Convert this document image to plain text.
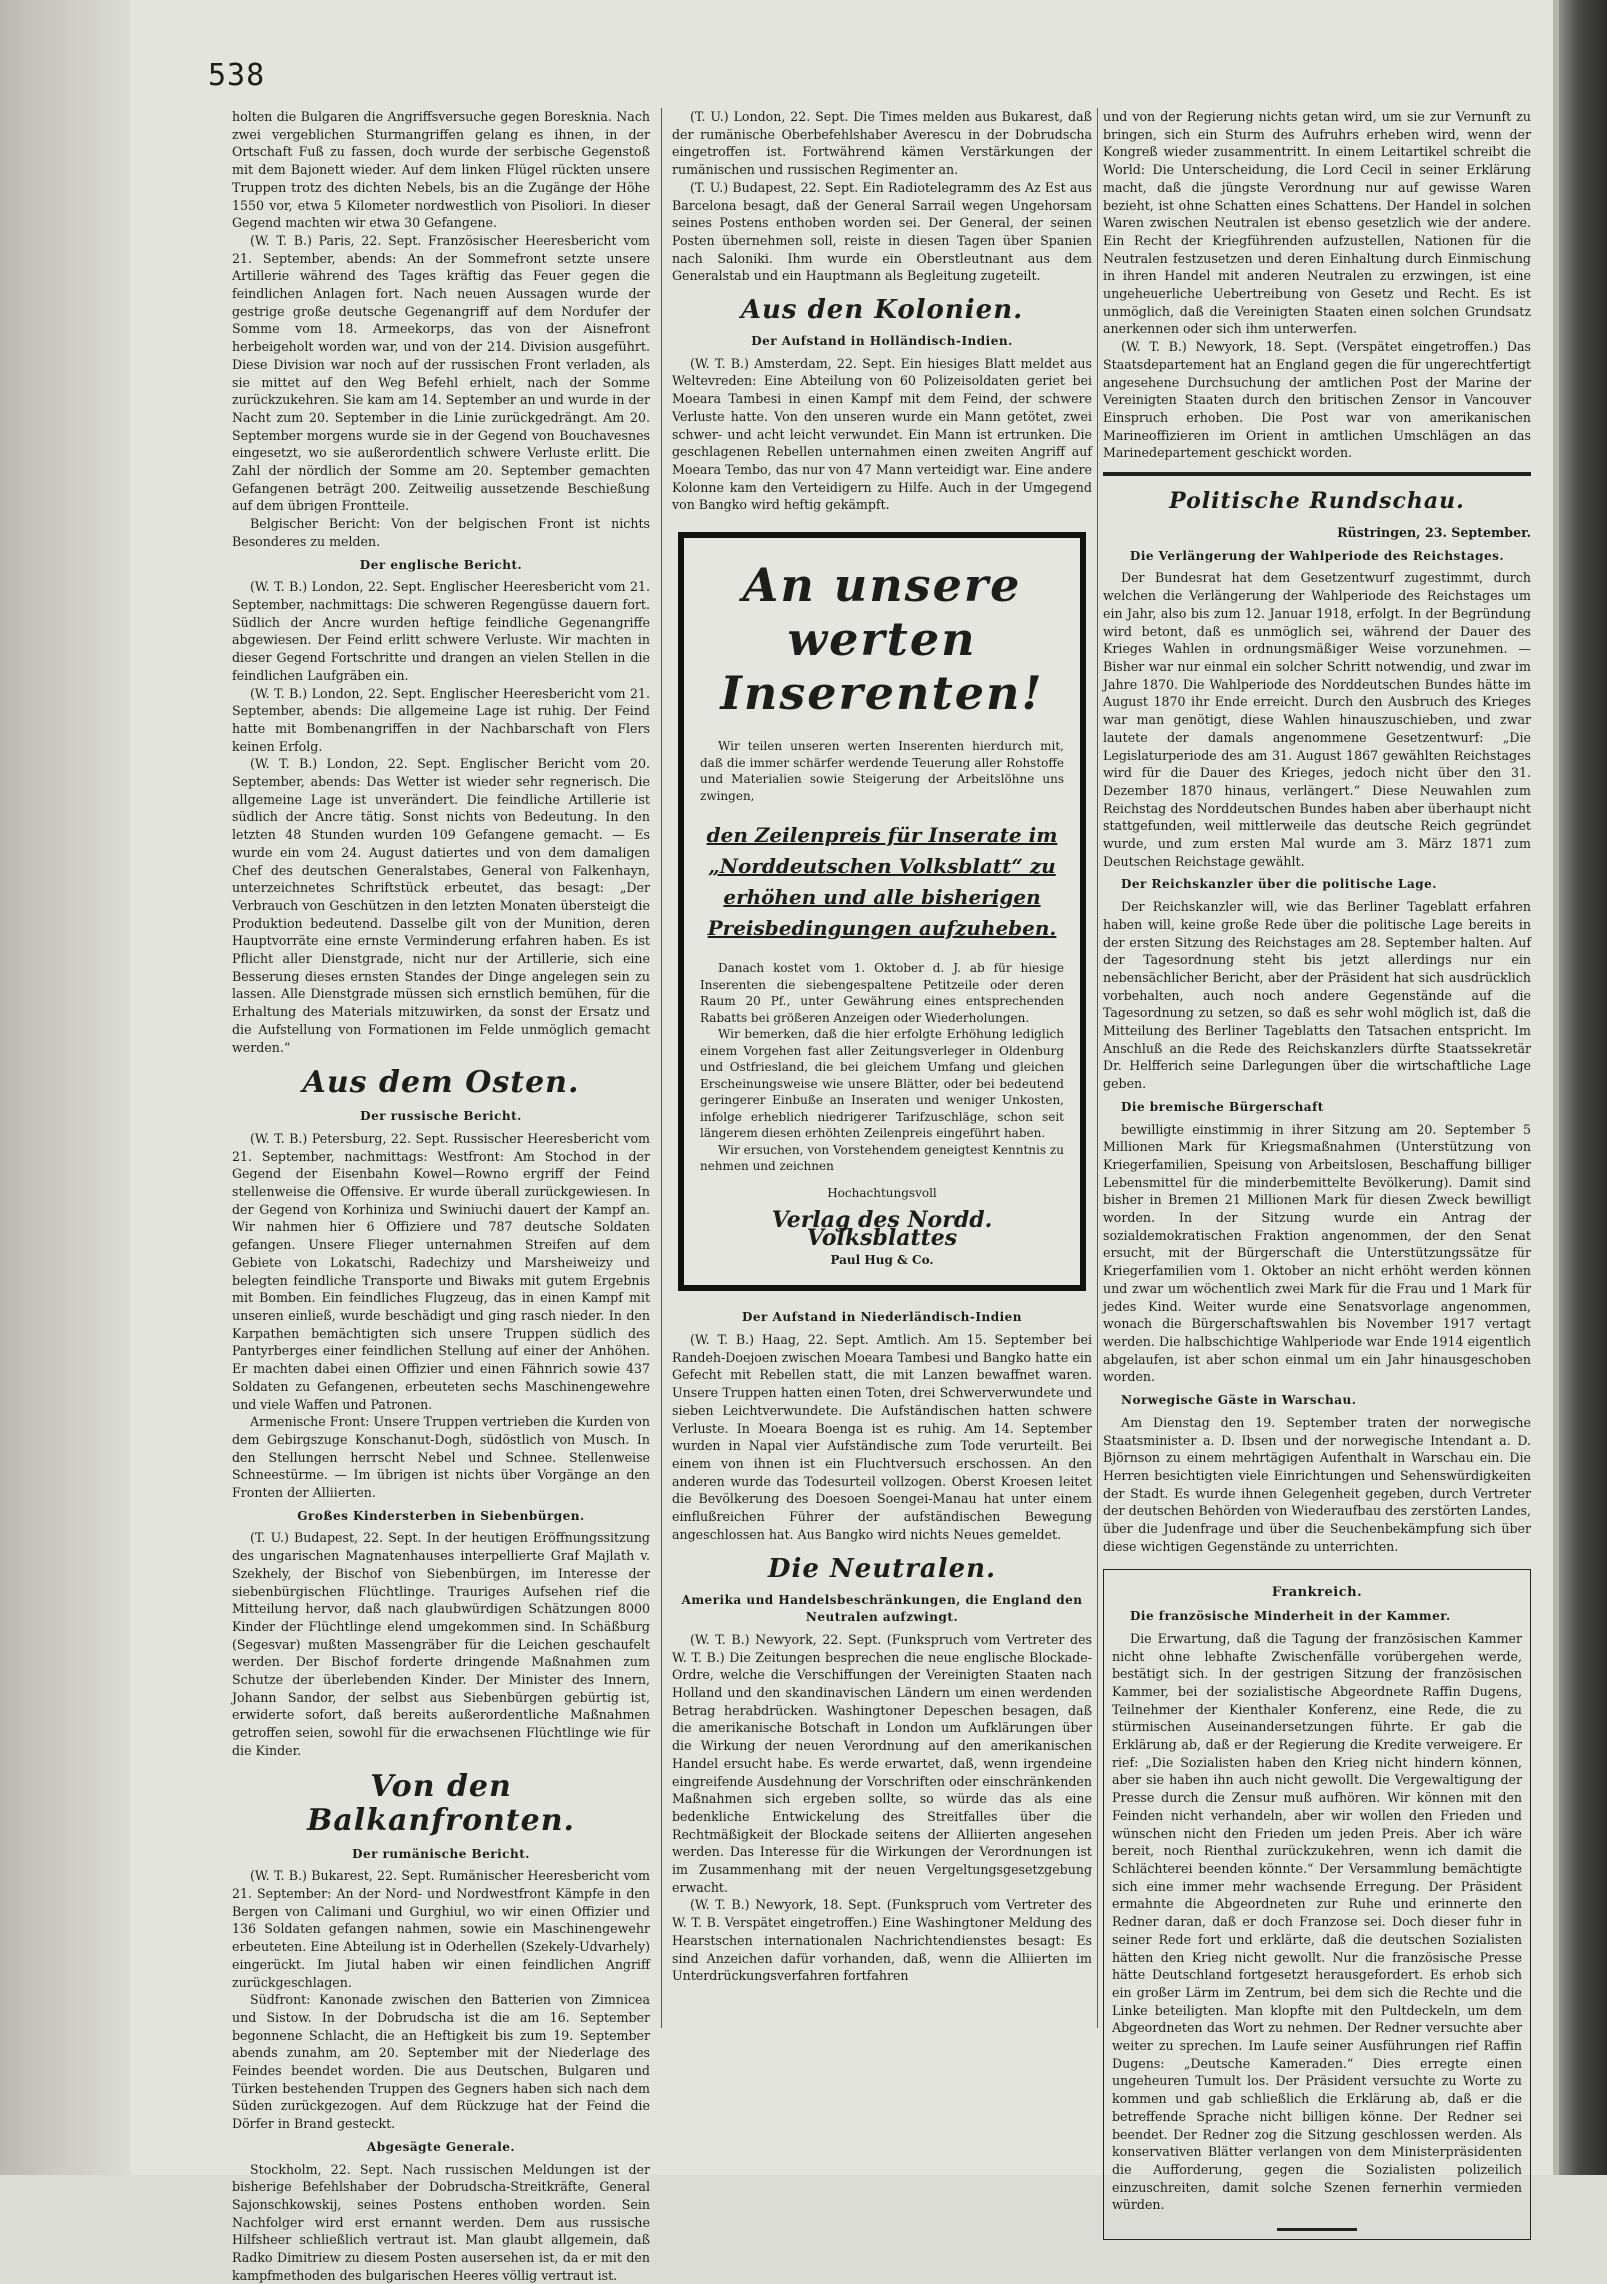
538

holten die Bulgaren die Angriffsversuche gegen Boresknia. Nach zwei vergeblichen Sturmangriffen gelang es ihnen, in der Ortschaft Fuß zu fassen, doch wurde der serbische Gegenstoß mit dem Bajonett wieder. Auf dem linken Flügel rückten unsere Truppen trotz des dichten Nebels, bis an die Zugänge der Höhe 1550 vor, etwa 5 Kilometer nordwestlich von Pisoliori. In dieser Gegend machten wir etwa 30 Gefangene.

(W. T. B.) Paris, 22. Sept. Französischer Heeresbericht vom 21. September, abends: An der Sommefront setzte unsere Artillerie während des Tages kräftig das Feuer gegen die feindlichen Anlagen fort. Nach neuen Aussagen wurde der gestrige große deutsche Gegenangriff auf dem Nordufer der Somme vom 18. Armeekorps, das von der Aisnefront herbeigeholt worden war, und von der 214. Division ausgeführt. Diese Division war noch auf der russischen Front verladen, als sie mittet auf den Weg Befehl erhielt, nach der Somme zurückzukehren. Sie kam am 14. September an und wurde in der Nacht zum 20. September in die Linie zurückgedrängt. Am 20. September morgens wurde sie in der Gegend von Bouchavesnes eingesetzt, wo sie außerordentlich schwere Verluste erlitt. Die Zahl der nördlich der Somme am 20. September gemachten Gefangenen beträgt 200. Zeitweilig aussetzende Beschießung auf dem übrigen Frontteile.

Belgischer Bericht: Von der belgischen Front ist nichts Besonderes zu melden.

Der englische Bericht.

(W. T. B.) London, 22. Sept. Englischer Heeresbericht vom 21. September, nachmittags: Die schweren Regengüsse dauern fort. Südlich der Ancre wurden heftige feindliche Gegenangriffe abgewiesen. Der Feind erlitt schwere Verluste. Wir machten in dieser Gegend Fortschritte und drangen an vielen Stellen in die feindlichen Laufgräben ein.

(W. T. B.) London, 22. Sept. Englischer Heeresbericht vom 21. September, abends: Die allgemeine Lage ist ruhig. Der Feind hatte mit Bombenangriffen in der Nachbarschaft von Flers keinen Erfolg.

(W. T. B.) London, 22. Sept. Englischer Bericht vom 20. September, abends: Das Wetter ist wieder sehr regnerisch. Die allgemeine Lage ist unverändert. Die feindliche Artillerie ist südlich der Ancre tätig. Sonst nichts von Bedeutung. In den letzten 48 Stunden wurden 109 Gefangene gemacht. — Es wurde ein vom 24. August datiertes und von dem damaligen Chef des deutschen Generalstabes, General von Falkenhayn, unterzeichnetes Schriftstück erbeutet, das besagt: „Der Verbrauch von Geschützen in den letzten Monaten übersteigt die Produktion bedeutend. Dasselbe gilt von der Munition, deren Hauptvorräte eine ernste Verminderung erfahren haben. Es ist Pflicht aller Dienstgrade, nicht nur der Artillerie, sich eine Besserung dieses ernsten Standes der Dinge angelegen sein zu lassen. Alle Dienstgrade müssen sich ernstlich bemühen, für die Erhaltung des Materials mitzuwirken, da sonst der Ersatz und die Aufstellung von Formationen im Felde unmöglich gemacht werden.“

Aus dem Osten.
Der russische Bericht.

(W. T. B.) Petersburg, 22. Sept. Russischer Heeresbericht vom 21. September, nachmittags: Westfront: Am Stochod in der Gegend der Eisenbahn Kowel—Rowno ergriff der Feind stellenweise die Offensive. Er wurde überall zurückgewiesen. In der Gegend von Korhiniza und Swiniuchi dauert der Kampf an. Wir nahmen hier 6 Offiziere und 787 deutsche Soldaten gefangen. Unsere Flieger unternahmen Streifen auf dem Gebiete von Lokatschi, Radechizy und Marsheiweizy und belegten feindliche Transporte und Biwaks mit gutem Ergebnis mit Bomben. Ein feindliches Flugzeug, das in einen Kampf mit unseren einließ, wurde beschädigt und ging rasch nieder. In den Karpathen bemächtigten sich unsere Truppen südlich des Pantyrberges einer feindlichen Stellung auf einer der Anhöhen. Er machten dabei einen Offizier und einen Fähnrich sowie 437 Soldaten zu Gefangenen, erbeuteten sechs Maschinengewehre und viele Waffen und Patronen.

Armenische Front: Unsere Truppen vertrieben die Kurden von dem Gebirgszuge Konschanut-Dogh, südöstlich von Musch. In den Stellungen herrscht Nebel und Schnee. Stellenweise Schneestürme. — Im übrigen ist nichts über Vorgänge an den Fronten der Alliierten.

Großes Kindersterben in Siebenbürgen.

(T. U.) Budapest, 22. Sept. In der heutigen Eröffnungssitzung des ungarischen Magnatenhauses interpellierte Graf Majlath v. Szekhely, der Bischof von Siebenbürgen, im Interesse der siebenbürgischen Flüchtlinge. Trauriges Aufsehen rief die Mitteilung hervor, daß nach glaubwürdigen Schätzungen 8000 Kinder der Flüchtlinge elend umgekommen sind. In Schäßburg (Segesvar) mußten Massengräber für die Leichen geschaufelt werden. Der Bischof forderte dringende Maßnahmen zum Schutze der überlebenden Kinder. Der Minister des Innern, Johann Sandor, der selbst aus Siebenbürgen gebürtig ist, erwiderte sofort, daß bereits außerordentliche Maßnahmen getroffen seien, sowohl für die erwachsenen Flüchtlinge wie für die Kinder.

Von den Balkanfronten.
Der rumänische Bericht.

(W. T. B.) Bukarest, 22. Sept. Rumänischer Heeresbericht vom 21. September: An der Nord- und Nordwestfront Kämpfe in den Bergen von Calimani und Gurghiul, wo wir einen Offizier und 136 Soldaten gefangen nahmen, sowie ein Maschinengewehr erbeuteten. Eine Abteilung ist in Oderhellen (Szekely-Udvarhely) eingerückt. Im Jiutal haben wir einen feindlichen Angriff zurückgeschlagen.

Südfront: Kanonade zwischen den Batterien von Zimnicea und Sistow. In der Dobrudscha ist die am 16. September begonnene Schlacht, die an Heftigkeit bis zum 19. September abends zunahm, am 20. September mit der Niederlage des Feindes beendet worden. Die aus Deutschen, Bulgaren und Türken bestehenden Truppen des Gegners haben sich nach dem Süden zurückgezogen. Auf dem Rückzuge hat der Feind die Dörfer in Brand gesteckt.

Abgesägte Generale.

Stockholm, 22. Sept. Nach russischen Meldungen ist der bisherige Befehlshaber der Dobrudscha-Streitkräfte, General Sajonschkowskij, seines Postens enthoben worden. Sein Nachfolger wird erst ernannt werden. Dem aus russische Hilfsheer schließlich vertraut ist. Man glaubt allgemein, daß Radko Dimitriew zu diesem Posten ausersehen ist, da er mit den kampfmethoden des bulgarischen Heeres völlig vertraut ist.

(T. U.) London, 22. Sept. Die Times melden aus Bukarest, daß der rumänische Oberbefehlshaber Averescu in der Dobrudscha eingetroffen ist. Fortwährend kämen Verstärkungen der rumänischen und russischen Regimenter an.

(T. U.) Budapest, 22. Sept. Ein Radiotelegramm des Az Est aus Barcelona besagt, daß der General Sarrail wegen Ungehorsam seines Postens enthoben worden sei. Der General, der seinen Posten übernehmen soll, reiste in diesen Tagen über Spanien nach Saloniki. Ihm wurde ein Oberstleutnant aus dem Generalstab und ein Hauptmann als Begleitung zugeteilt.

Aus den Kolonien.
Der Aufstand in Holländisch-Indien.

(W. T. B.) Amsterdam, 22. Sept. Ein hiesiges Blatt meldet aus Weltevreden: Eine Abteilung von 60 Polizeisoldaten geriet bei Moeara Tambesi in einen Kampf mit dem Feind, der schwere Verluste hatte. Von den unseren wurde ein Mann getötet, zwei schwer- und acht leicht verwundet. Ein Mann ist ertrunken. Die geschlagenen Rebellen unternahmen einen zweiten Angriff auf Moeara Tembo, das nur von 47 Mann verteidigt war. Eine andere Kolonne kam den Verteidigern zu Hilfe. Auch in der Umgegend von Bangko wird heftig gekämpft.

An unsere werten Inserenten!
Wir teilen unseren werten Inserenten hierdurch mit, daß die immer schärfer werdende Teuerung aller Rohstoffe und Materialien sowie Steigerung der Arbeitslöhne uns zwingen,
den Zeilenpreis für Inserate im „Norddeutschen Volksblatt“ zu erhöhen und alle bisherigen Preisbedingungen aufzuheben.
Danach kostet vom 1. Oktober d. J. ab für hiesige Inserenten die siebengespaltene Petitzeile oder deren Raum 20 Pf., unter Gewährung eines entsprechenden Rabatts bei größeren Anzeigen oder Wiederholungen.
Wir bemerken, daß die hier erfolgte Erhöhung lediglich einem Vorgehen fast aller Zeitungsverleger in Oldenburg und Ostfriesland, die bei gleichem Umfang und gleichen Erscheinungsweise wie unsere Blätter, oder bei bedeutend geringerer Einbuße an Inseraten und weniger Unkosten, infolge erheblich niedrigerer Tarifzuschläge, schon seit längerem diesen erhöhten Zeilenpreis eingeführt haben.
Wir ersuchen, von Vorstehendem geneigtest Kenntnis zu nehmen und zeichnen
Hochachtungsvoll
Verlag des Nordd. Volksblattes
Paul Hug & Co.
Der Aufstand in Niederländisch-Indien

(W. T. B.) Haag, 22. Sept. Amtlich. Am 15. September bei Randeh-Doejoen zwischen Moeara Tambesi und Bangko hatte ein Gefecht mit Rebellen statt, die mit Lanzen bewaffnet waren. Unsere Truppen hatten einen Toten, drei Schwerverwundete und sieben Leichtverwundete. Die Aufständischen hatten schwere Verluste. In Moeara Boenga ist es ruhig. Am 14. September wurden in Napal vier Aufständische zum Tode verurteilt. Bei einem von ihnen ist ein Fluchtversuch erschossen. An den anderen wurde das Todesurteil vollzogen. Oberst Kroesen leitet die Bevölkerung des Doesoen Soengei-Manau hat unter einem einflußreichen Führer der aufständischen Bewegung angeschlossen hat. Aus Bangko wird nichts Neues gemeldet.

Die Neutralen.
Amerika und Handelsbeschränkungen, die England den Neutralen aufzwingt.

(W. T. B.) Newyork, 22. Sept. (Funkspruch vom Vertreter des W. T. B.) Die Zeitungen besprechen die neue englische Blockade-Ordre, welche die Verschiffungen der Vereinigten Staaten nach Holland und den skandinavischen Ländern um einen werdenden Betrag herabdrücken. Washingtoner Depeschen besagen, daß die amerikanische Botschaft in London um Aufklärungen über die Wirkung der neuen Verordnung auf den amerikanischen Handel ersucht habe. Es werde erwartet, daß, wenn irgendeine eingreifende Ausdehnung der Vorschriften oder einschränkenden Maßnahmen sich ergeben sollte, so würde das als eine bedenkliche Entwickelung des Streitfalles über die Rechtmäßigkeit der Blockade seitens der Alliierten angesehen werden. Das Interesse für die Wirkungen der Verordnungen ist im Zusammenhang mit der neuen Vergeltungsgesetzgebung erwacht.

(W. T. B.) Newyork, 18. Sept. (Funkspruch vom Vertreter des W. T. B. Verspätet eingetroffen.) Eine Washingtoner Meldung des Hearstschen internationalen Nachrichtendienstes besagt: Es sind Anzeichen dafür vorhanden, daß, wenn die Alliierten im Unterdrückungsverfahren fortfahren

und von der Regierung nichts getan wird, um sie zur Vernunft zu bringen, sich ein Sturm des Aufruhrs erheben wird, wenn der Kongreß wieder zusammentritt. In einem Leitartikel schreibt die World: Die Unterscheidung, die Lord Cecil in seiner Erklärung macht, daß die jüngste Verordnung nur auf gewisse Waren bezieht, ist ohne Schatten eines Schattens. Der Handel in solchen Waren zwischen Neutralen ist ebenso gesetzlich wie der andere. Ein Recht der Kriegführenden aufzustellen, Nationen für die Neutralen festzusetzen und deren Einhaltung durch Einmischung in ihren Handel mit anderen Neutralen zu erzwingen, ist eine ungeheuerliche Uebertreibung von Gesetz und Recht. Es ist unmöglich, daß die Vereinigten Staaten einen solchen Grundsatz anerkennen oder sich ihm unterwerfen.

(W. T. B.) Newyork, 18. Sept. (Verspätet eingetroffen.) Das Staatsdepartement hat an England gegen die für ungerechtfertigt angesehene Durchsuchung der amtlichen Post der Marine der Vereinigten Staaten durch den britischen Zensor in Vancouver Einspruch erhoben. Die Post war von amerikanischen Marineoffizieren im Orient in amtlichen Umschlägen an das Marinedepartement geschickt worden.

Politische Rundschau.
Rüstringen, 23. September.
Die Verlängerung der Wahlperiode des Reichstages.

Der Bundesrat hat dem Gesetzentwurf zugestimmt, durch welchen die Verlängerung der Wahlperiode des Reichstages um ein Jahr, also bis zum 12. Januar 1918, erfolgt. In der Begründung wird betont, daß es unmöglich sei, während der Dauer des Krieges Wahlen in ordnungsmäßiger Weise vorzunehmen. — Bisher war nur einmal ein solcher Schritt notwendig, und zwar im Jahre 1870. Die Wahlperiode des Norddeutschen Bundes hätte im August 1870 ihr Ende erreicht. Durch den Ausbruch des Krieges war man genötigt, diese Wahlen hinauszuschieben, und zwar lautete der damals angenommene Gesetzentwurf: „Die Legislaturperiode des am 31. August 1867 gewählten Reichstages wird für die Dauer des Krieges, jedoch nicht über den 31. Dezember 1870 hinaus, verlängert.“ Diese Neuwahlen zum Reichstag des Norddeutschen Bundes haben aber überhaupt nicht stattgefunden, weil mittlerweile das deutsche Reich gegründet wurde, und zum ersten Mal wurde am 3. März 1871 zum Deutschen Reichstage gewählt.

Der Reichskanzler über die politische Lage.

Der Reichskanzler will, wie das Berliner Tageblatt erfahren haben will, keine große Rede über die politische Lage bereits in der ersten Sitzung des Reichstages am 28. September halten. Auf der Tagesordnung steht bis jetzt allerdings nur ein nebensächlicher Bericht, aber der Präsident hat sich ausdrücklich vorbehalten, auch noch andere Gegenstände auf die Tagesordnung zu setzen, so daß es sehr wohl möglich ist, daß die Mitteilung des Berliner Tageblatts den Tatsachen entspricht. Im Anschluß an die Rede des Reichskanzlers dürfte Staatssekretär Dr. Helfferich seine Darlegungen über die wirtschaftliche Lage geben.

Die bremische Bürgerschaft

bewilligte einstimmig in ihrer Sitzung am 20. September 5 Millionen Mark für Kriegsmaßnahmen (Unterstützung von Kriegerfamilien, Speisung von Arbeitslosen, Beschaffung billiger Lebensmittel für die minderbemittelte Bevölkerung). Damit sind bisher in Bremen 21 Millionen Mark für diesen Zweck bewilligt worden. In der Sitzung wurde ein Antrag der sozialdemokratischen Fraktion angenommen, der den Senat ersucht, mit der Bürgerschaft die Unterstützungssätze für Kriegerfamilien vom 1. Oktober an nicht erhöht werden können und zwar um wöchentlich zwei Mark für die Frau und 1 Mark für jedes Kind. Weiter wurde eine Senatsvorlage angenommen, wonach die Bürgerschaftswahlen bis November 1917 vertagt werden. Die halbschichtige Wahlperiode war Ende 1914 eigentlich abgelaufen, ist aber schon einmal um ein Jahr hinausgeschoben worden.

Norwegische Gäste in Warschau.

Am Dienstag den 19. September traten der norwegische Staatsminister a. D. Ibsen und der norwegische Intendant a. D. Björnson zu einem mehrtägigen Aufenthalt in Warschau ein. Die Herren besichtigten viele Einrichtungen und Sehenswürdigkeiten der Stadt. Es wurde ihnen Gelegenheit gegeben, durch Vertreter der deutschen Behörden von Wiederaufbau des zerstörten Landes, über die Judenfrage und über die Seuchenbekämpfung sich über diese wichtigen Gegenstände zu unterrichten.

Frankreich.
Die französische Minderheit in der Kammer.

Die Erwartung, daß die Tagung der französischen Kammer nicht ohne lebhafte Zwischenfälle vorübergehen werde, bestätigt sich. In der gestrigen Sitzung der französischen Kammer, bei der sozialistische Abgeordnete Raffin Dugens, Teilnehmer der Kienthaler Konferenz, eine Rede, die zu stürmischen Auseinandersetzungen führte. Er gab die Erklärung ab, daß er der Regierung die Kredite verweigere. Er rief: „Die Sozialisten haben den Krieg nicht hindern können, aber sie haben ihn auch nicht gewollt. Die Vergewaltigung der Presse durch die Zensur muß aufhören. Wir können mit den Feinden nicht verhandeln, aber wir wollen den Frieden und wünschen nicht den Frieden um jeden Preis. Aber ich wäre bereit, noch Rienthal zurückzukehren, wenn ich damit die Schlächterei beenden könnte.“ Der Versammlung bemächtigte sich eine immer mehr wachsende Erregung. Der Präsident ermahnte die Abgeordneten zur Ruhe und erinnerte den Redner daran, daß er doch Franzose sei. Doch dieser fuhr in seiner Rede fort und erklärte, daß die deutschen Sozialisten hätten den Krieg nicht gewollt. Nur die französische Presse hätte Deutschland fortgesetzt herausgefordert. Es erhob sich ein großer Lärm im Zentrum, bei dem sich die Rechte und die Linke beteiligten. Man klopfte mit den Pultdeckeln, um dem Abgeordneten das Wort zu nehmen. Der Redner versuchte aber weiter zu sprechen. Im Laufe seiner Ausführungen rief Raffin Dugens: „Deutsche Kameraden.“ Dies erregte einen ungeheuren Tumult los. Der Präsident versuchte zu Worte zu kommen und gab schließlich die Erklärung ab, daß er die betreffende Sprache nicht billigen könne. Der Redner sei beendet. Der Redner zog die Sitzung geschlossen werden. Als konservativen Blätter verlangen von dem Ministerpräsidenten die Aufforderung, gegen die Sozialisten polizeilich einzuschreiten, damit solche Szenen fernerhin vermieden würden.
